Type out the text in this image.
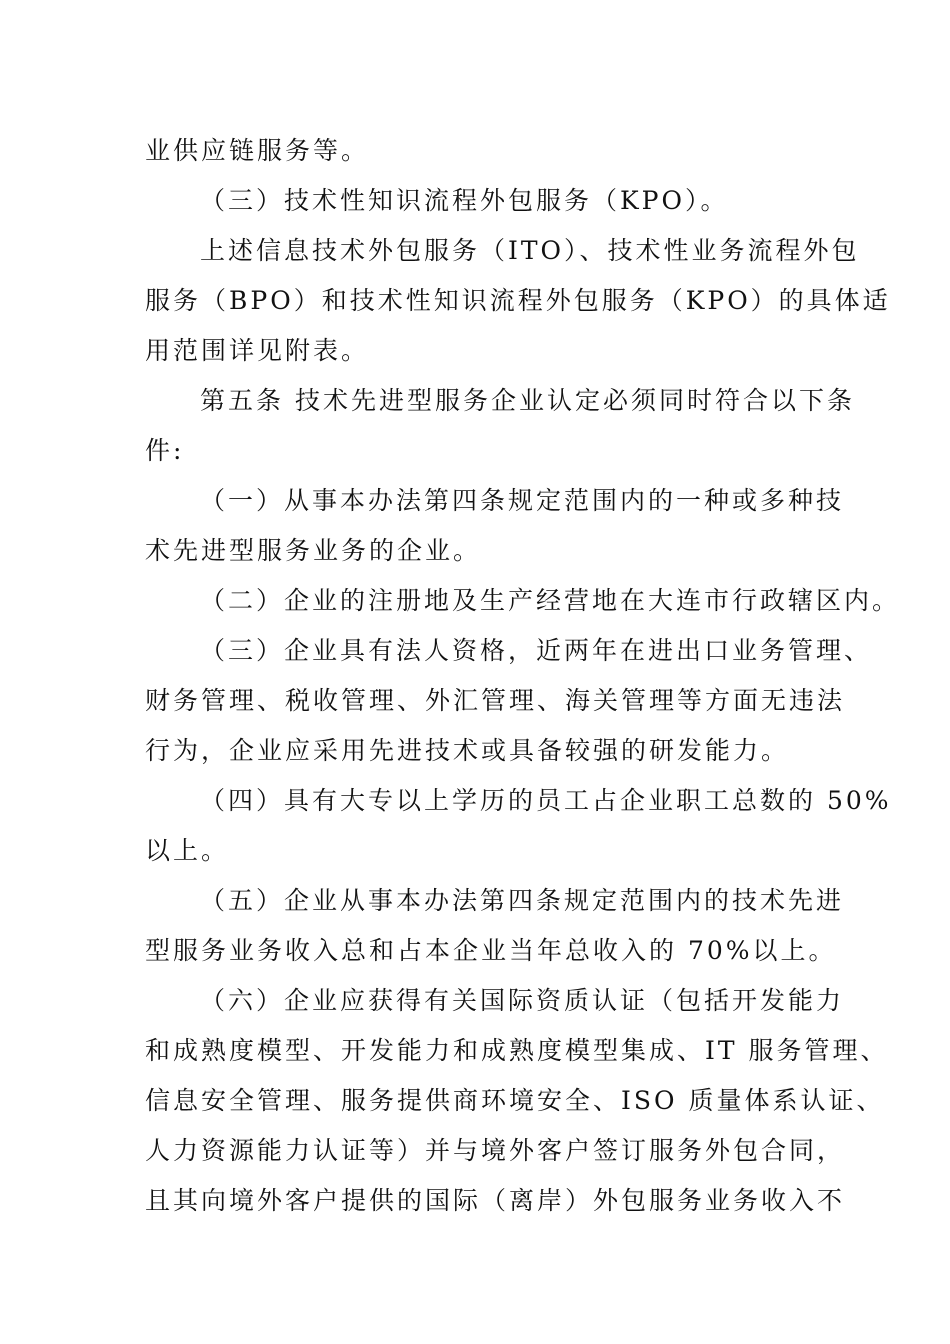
业供应链服务等。
（三）技术性知识流程外包服务（KPO）。
上述信息技术外包服务（ITO）、技术性业务流程外包
服务（BPO）和技术性知识流程外包服务（KPO）的具体适
用范围详见附表。
第五条 技术先进型服务企业认定必须同时符合以下条
件:
（一）从事本办法第四条规定范围内的一种或多种技
术先进型服务业务的企业。
（二）企业的注册地及生产经营地在大连市行政辖区内。
（三）企业具有法人资格，近两年在进出口业务管理、
财务管理、税收管理、外汇管理、海关管理等方面无违法
行为，企业应采用先进技术或具备较强的研发能力。
（四）具有大专以上学历的员工占企业职工总数的 50%
以上。
（五）企业从事本办法第四条规定范围内的技术先进
型服务业务收入总和占本企业当年总收入的 70%以上。
（六）企业应获得有关国际资质认证（包括开发能力
和成熟度模型、开发能力和成熟度模型集成、IT 服务管理、
信息安全管理、服务提供商环境安全、ISO 质量体系认证、
人力资源能力认证等）并与境外客户签订服务外包合同，
且其向境外客户提供的国际（离岸）外包服务业务收入不
